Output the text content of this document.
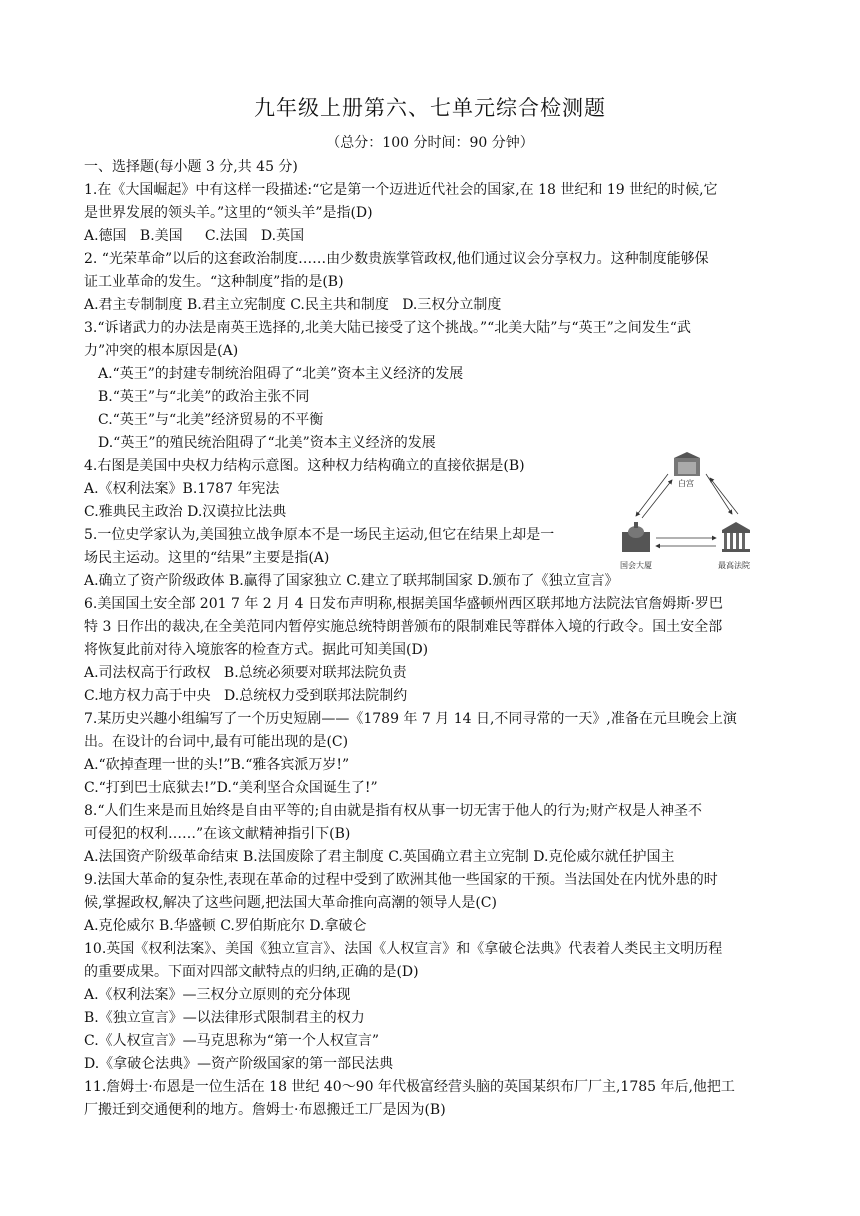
九年级上册第六、七单元综合检测题
（总分：100 分时间：90 分钟）
一、选择题(每小题 3 分,共 45 分)
1.在《大国崛起》中有这样一段描述:“它是第一个迈进近代社会的国家,在 18 世纪和 19 世纪的时候,它
是世界发展的领头羊。”这里的“领头羊”是指(D)
A.德国   B.美国     C.法国   D.英国
2. “光荣革命”以后的这套政治制度……由少数贵族掌管政权,他们通过议会分享权力。这种制度能够保
证工业革命的发生。“这种制度”指的是(B)
A.君主专制制度 B.君主立宪制度 C.民主共和制度   D.三权分立制度
3.“诉诸武力的办法是南英王选择的,北美大陆已接受了这个挑战。”“北美大陆”与“英王”之间发生“武
力”冲突的根本原因是(A)
A.“英王”的封建专制统治阻碍了“北美”资本主义经济的发展
B.“英王”与“北美”的政治主张不同
C.“英王”与“北美”经济贸易的不平衡
D.“英王”的殖民统治阻碍了“北美”资本主义经济的发展
4.右图是美国中央权力结构示意图。这种权力结构确立的直接依据是(B)
A.《权利法案》B.1787 年宪法
C.雅典民主政治 D.汉谟拉比法典
5.一位史学家认为,美国独立战争原本不是一场民主运动,但它在结果上却是一
场民主运动。这里的“结果”主要是指(A)
A.确立了资产阶级政体 B.赢得了国家独立 C.建立了联邦制国家 D.颁布了《独立宣言》
6.美国国土安全部 201 7 年 2 月 4 日发布声明称,根据美国华盛顿州西区联邦地方法院法官詹姆斯·罗巴
特 3 日作出的裁决,在全美范同内暂停实施总统特朗普颁布的限制难民等群体入境的行政令。国土安全部
将恢复此前对待入境旅客的检查方式。据此可知美国(D)
A.司法权高于行政权   B.总统必须要对联邦法院负责
C.地方权力高于中央   D.总统权力受到联邦法院制约
7.某历史兴趣小组编写了一个历史短剧——《1789 年 7 月 14 日,不同寻常的一天》,准备在元旦晚会上演
出。在设计的台词中,最有可能出现的是(C)
A.“砍掉查理一世的头!”B.“雅各宾派万岁!”
C.“打到巴士底狱去!”D.“美利坚合众国诞生了!”
8.“人们生来是而且始终是自由平等的;自由就是指有权从事一切无害于他人的行为;财产权是人神圣不
可侵犯的权利……”在该文献精神指引下(B)
A.法国资产阶级革命结束 B.法国废除了君主制度 C.英国确立君主立宪制 D.克伦威尔就任护国主
9.法国大革命的复杂性,表现在革命的过程中受到了欧洲其他一些国家的干预。当法国处在内忧外患的时
候,掌握政权,解决了这些问题,把法国大革命推向高潮的领导人是(C)
A.克伦威尔 B.华盛顿 C.罗伯斯庇尔 D.拿破仑
10.英国《权利法案》、美国《独立宣言》、法国《人权宣言》和《拿破仑法典》代表着人类民主文明历程
的重要成果。下面对四部文献特点的归纳,正确的是(D)
A.《权利法案》—三权分立原则的充分体现
B.《独立宣言》—以法律形式限制君主的权力
C.《人权宣言》—马克思称为“第一个人权宣言”
D.《拿破仑法典》—资产阶级国家的第一部民法典
11.詹姆士·布恩是一位生活在 18 世纪 40～90 年代极富经营头脑的英国某织布厂厂主,1785 年后,他把工
厂搬迁到交通便利的地方。詹姆士·布恩搬迁工厂是因为(B)
白宫
国会大厦	最高法院
